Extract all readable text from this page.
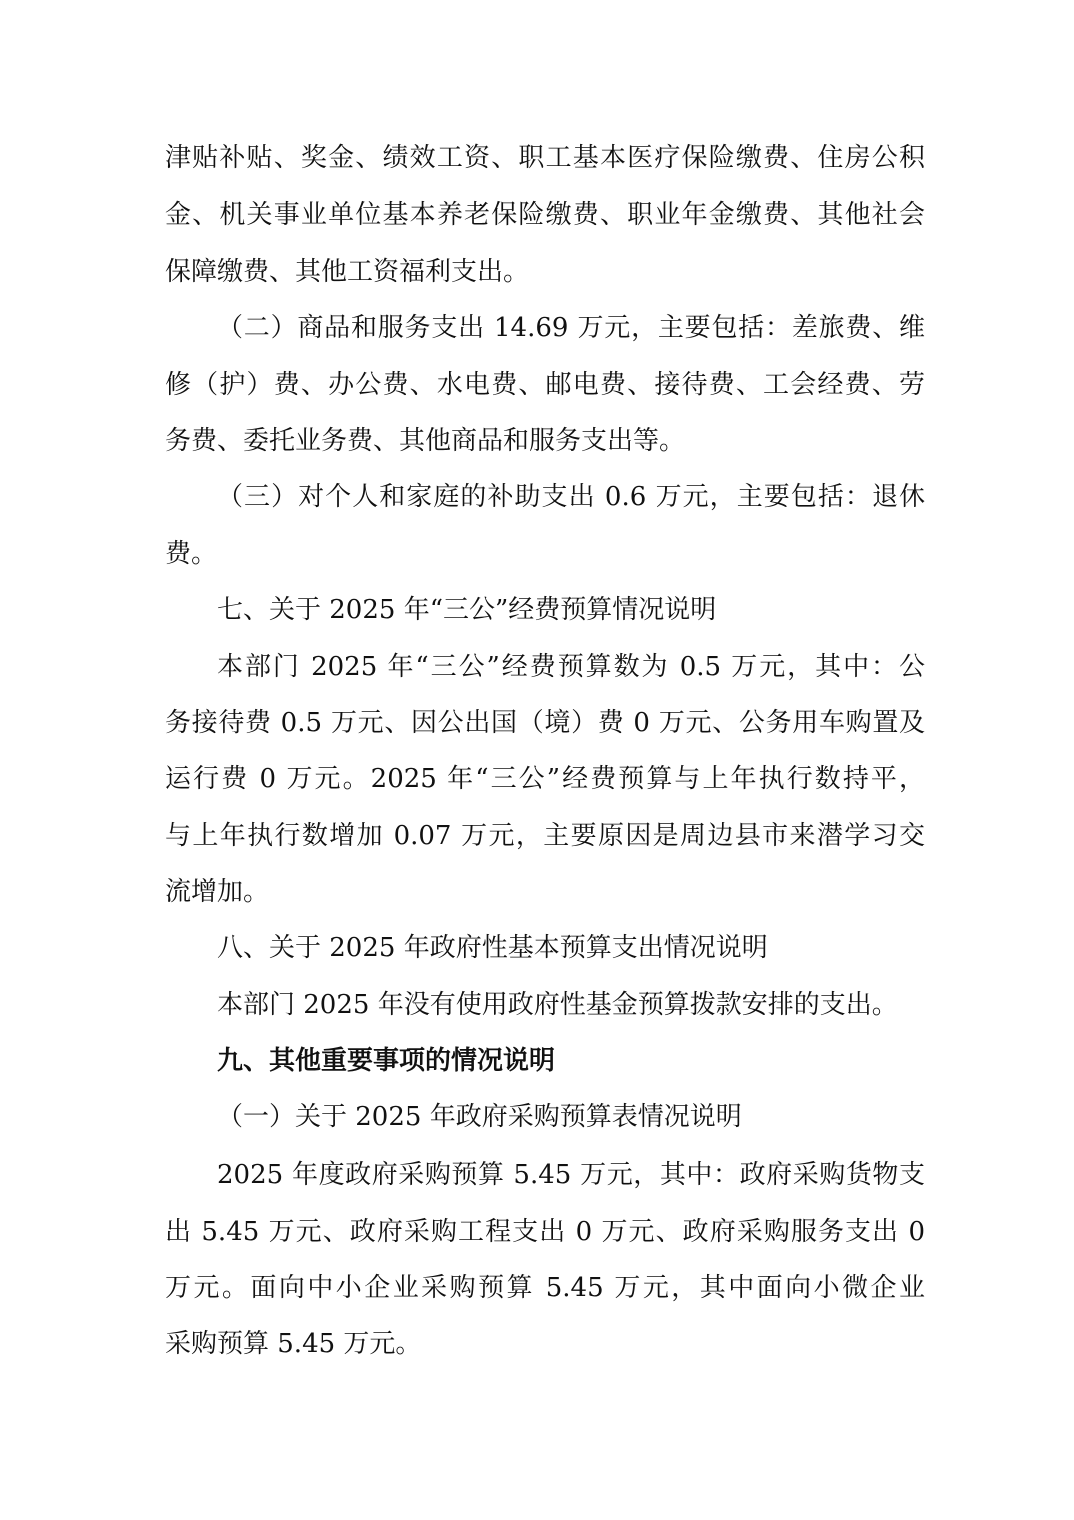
津贴补贴、奖金、绩效工资、职工基本医疗保险缴费、住房公积
金、机关事业单位基本养老保险缴费、职业年金缴费、其他社会
保障缴费、其他工资福利支出。
（二）商品和服务支出 14.69 万元，主要包括：差旅费、维
修（护）费、办公费、水电费、邮电费、接待费、工会经费、劳
务费、委托业务费、其他商品和服务支出等。
（三）对个人和家庭的补助支出 0.6 万元，主要包括：退休
费。
七、关于 2025 年“三公”经费预算情况说明
本部门 2025 年“三公”经费预算数为 0.5 万元，其中：公
务接待费 0.5 万元、因公出国（境）费 0 万元、公务用车购置及
运行费 0 万元。2025 年“三公”经费预算与上年执行数持平，
与上年执行数增加 0.07 万元，主要原因是周边县市来潜学习交
流增加。
八、关于 2025 年政府性基本预算支出情况说明
本部门 2025 年没有使用政府性基金预算拨款安排的支出。
九、其他重要事项的情况说明
（一）关于 2025 年政府采购预算表情况说明
2025 年度政府采购预算 5.45 万元，其中：政府采购货物支
出 5.45 万元、政府采购工程支出 0 万元、政府采购服务支出 0
万元。面向中小企业采购预算 5.45 万元，其中面向小微企业
采购预算 5.45 万元。
